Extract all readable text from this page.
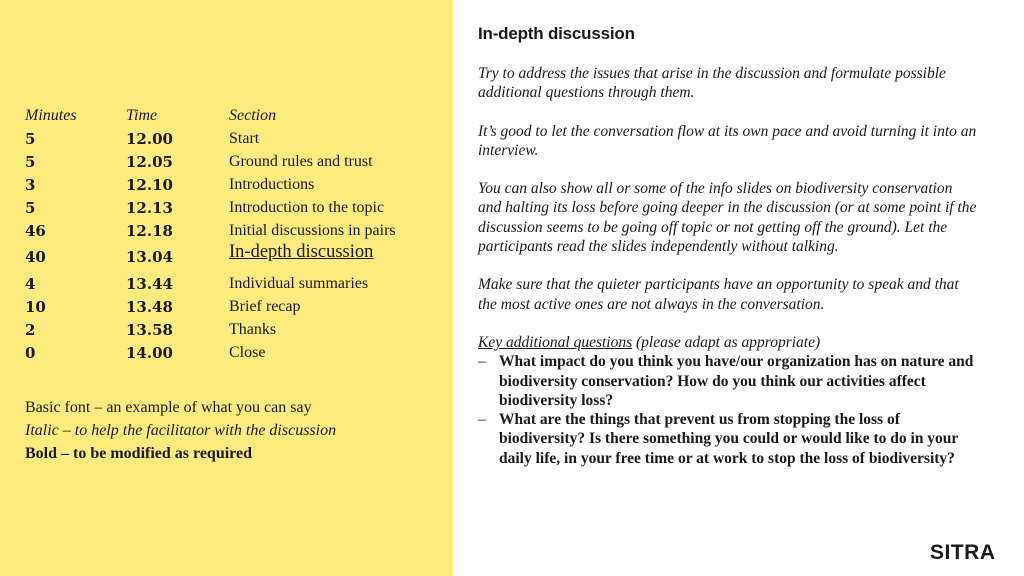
Minutes	Time	Section
5	12.00	Start
5	12.05	Ground rules and trust
3	12.10	Introductions
5	12.13	Introduction to the topic
46	12.18	Initial discussions in pairs
40	13.04	In-depth discussion
4	13.44	Individual summaries
10	13.48	Brief recap
2	13.58	Thanks
0	14.00	Close
Basic font – an example of what you can say
Italic – to help the facilitator with the discussion
Bold – to be modified as required
In-depth discussion
Try to address the issues that arise in the discussion and formulate possible additional questions through them.
It’s good to let the conversation flow at its own pace and avoid turning it into an interview.
You can also show all or some of the info slides on biodiversity conservation and halting its loss before going deeper in the discussion (or at some point if the discussion seems to be going off topic or not getting off the ground). Let the participants read the slides independently without talking.
Make sure that the quieter participants have an opportunity to speak and that the most active ones are not always in the conversation.
Key additional questions (please adapt as appropriate)
– What impact do you think you have/our organization has on nature and biodiversity conservation? How do you think our activities affect biodiversity loss?
– What are the things that prevent us from stopping the loss of biodiversity? Is there something you could or would like to do in your daily life, in your free time or at work to stop the loss of biodiversity?
SITRA
